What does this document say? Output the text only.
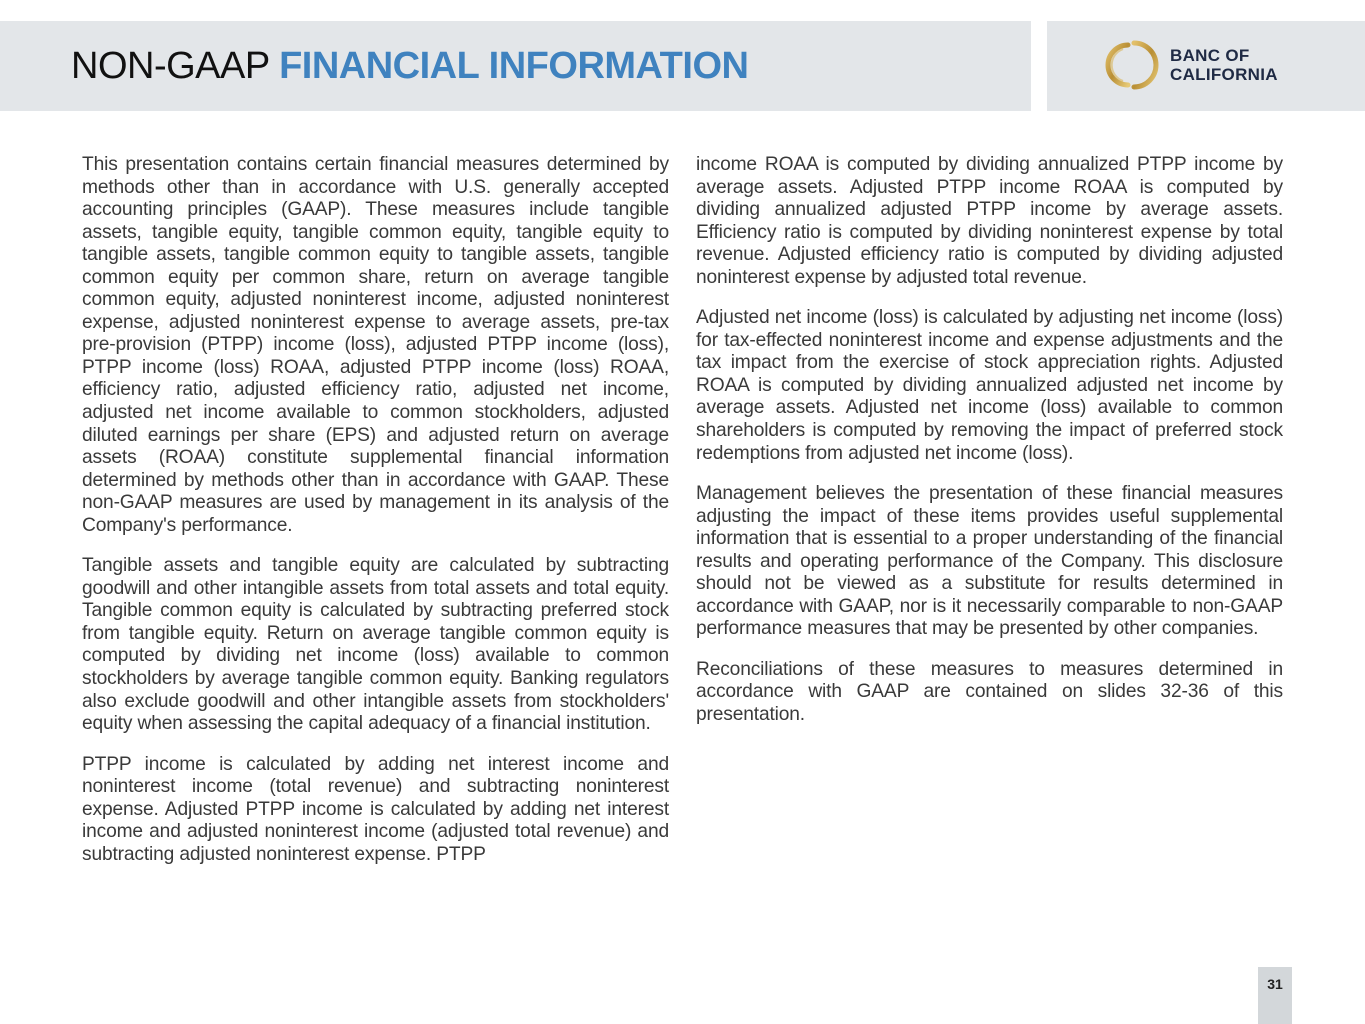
NON-GAAP FINANCIAL INFORMATION	BANC OF
CALIFORNIA

This presentation contains certain financial measures determined by methods other than in accordance with U.S. generally accepted accounting principles (GAAP). These measures include tangible assets, tangible equity, tangible common equity, tangible equity to tangible assets, tangible common equity to tangible assets, tangible common equity per common share, return on average tangible common equity, adjusted noninterest income, adjusted noninterest expense, adjusted noninterest expense to average assets, pre-tax pre-provision (PTPP) income (loss), adjusted PTPP income (loss), PTPP income (loss) ROAA, adjusted PTPP income (loss) ROAA, efficiency ratio, adjusted efficiency ratio, adjusted net income, adjusted net income available to common stockholders, adjusted diluted earnings per share (EPS) and adjusted return on average assets (ROAA) constitute supplemental financial information determined by methods other than in accordance with GAAP. These non-GAAP measures are used by management in its analysis of the Company's performance.

Tangible assets and tangible equity are calculated by subtracting goodwill and other intangible assets from total assets and total equity. Tangible common equity is calculated by subtracting preferred stock from tangible equity. Return on average tangible common equity is computed by dividing net income (loss) available to common stockholders by average tangible common equity. Banking regulators also exclude goodwill and other intangible assets from stockholders' equity when assessing the capital adequacy of a financial institution.

PTPP income is calculated by adding net interest income and noninterest income (total revenue) and subtracting noninterest expense. Adjusted PTPP income is calculated by adding net interest income and adjusted noninterest income (adjusted total revenue) and subtracting adjusted noninterest expense. PTPP

income ROAA is computed by dividing annualized PTPP income by average assets. Adjusted PTPP income ROAA is computed by dividing annualized adjusted PTPP income by average assets. Efficiency ratio is computed by dividing noninterest expense by total revenue. Adjusted efficiency ratio is computed by dividing adjusted noninterest expense by adjusted total revenue.

Adjusted net income (loss) is calculated by adjusting net income (loss) for tax-effected noninterest income and expense adjustments and the tax impact from the exercise of stock appreciation rights. Adjusted ROAA is computed by dividing annualized adjusted net income by average assets. Adjusted net income (loss) available to common shareholders is computed by removing the impact of preferred stock redemptions from adjusted net income (loss).

Management believes the presentation of these financial measures adjusting the impact of these items provides useful supplemental information that is essential to a proper understanding of the financial results and operating performance of the Company. This disclosure should not be viewed as a substitute for results determined in accordance with GAAP, nor is it necessarily comparable to non-GAAP performance measures that may be presented by other companies.

Reconciliations of these measures to measures determined in accordance with GAAP are contained on slides 32-36 of this presentation.

31
